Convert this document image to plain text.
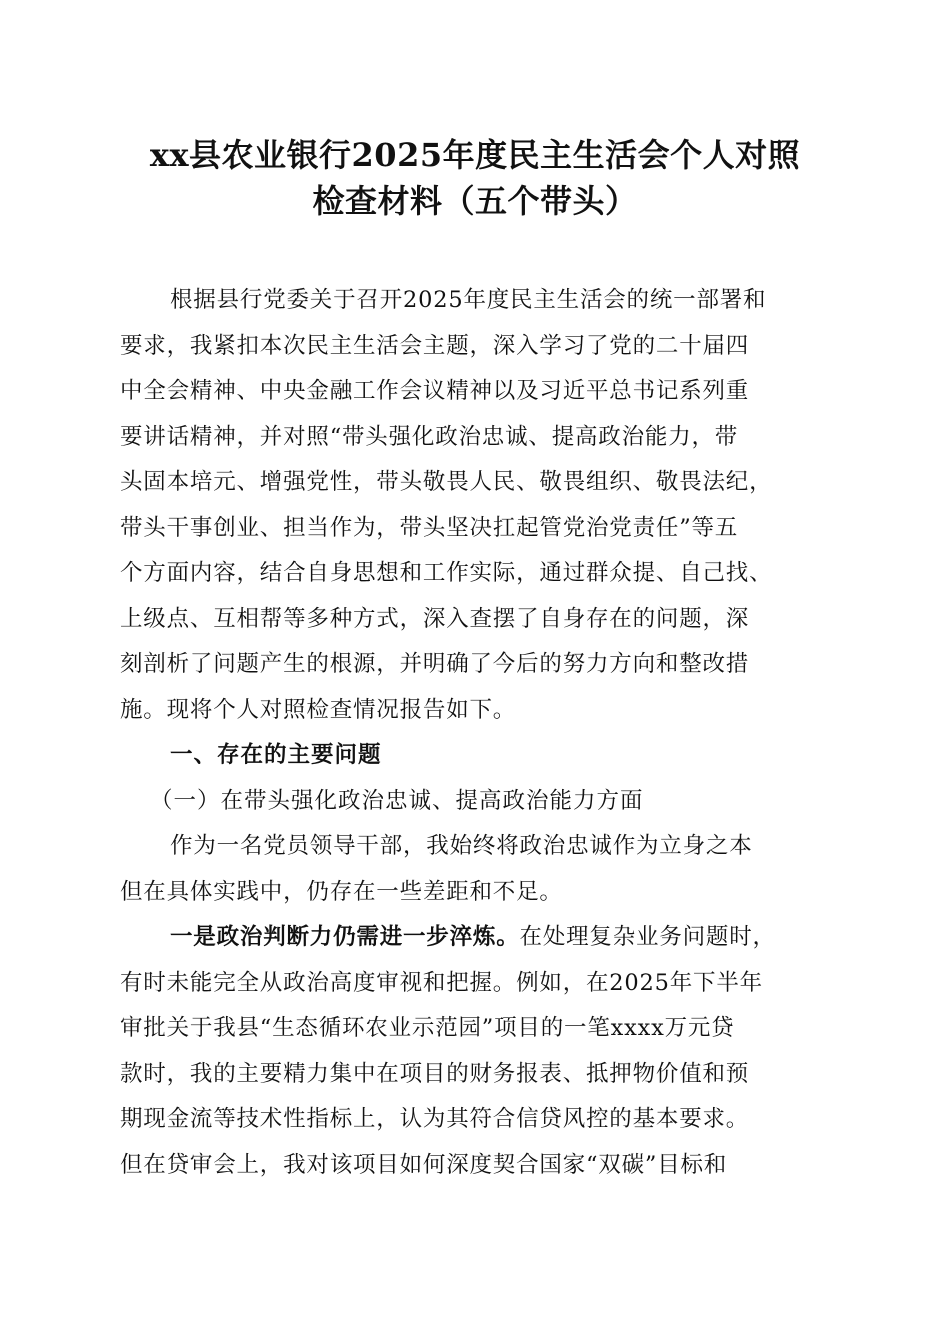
xx县农业银行2025年度民主生活会个人对照
检查材料（五个带头）
根据县行党委关于召开2025年度民主生活会的统一部署和
要求，我紧扣本次民主生活会主题，深入学习了党的二十届四
中全会精神、中央金融工作会议精神以及习近平总书记系列重
要讲话精神，并对照“带头强化政治忠诚、提高政治能力，带
头固本培元、增强党性，带头敬畏人民、敬畏组织、敬畏法纪，
带头干事创业、担当作为，带头坚决扛起管党治党责任”等五
个方面内容，结合自身思想和工作实际，通过群众提、自己找、
上级点、互相帮等多种方式，深入查摆了自身存在的问题，深
刻剖析了问题产生的根源，并明确了今后的努力方向和整改措
施。现将个人对照检查情况报告如下。
一、存在的主要问题
（一）在带头强化政治忠诚、提高政治能力方面
作为一名党员领导干部，我始终将政治忠诚作为立身之本
但在具体实践中，仍存在一些差距和不足。
一是政治判断力仍需进一步淬炼。在处理复杂业务问题时，
有时未能完全从政治高度审视和把握。例如，在2025年下半年
审批关于我县“生态循环农业示范园”项目的一笔xxxx万元贷
款时，我的主要精力集中在项目的财务报表、抵押物价值和预
期现金流等技术性指标上，认为其符合信贷风控的基本要求。
但在贷审会上，我对该项目如何深度契合国家“双碳”目标和
